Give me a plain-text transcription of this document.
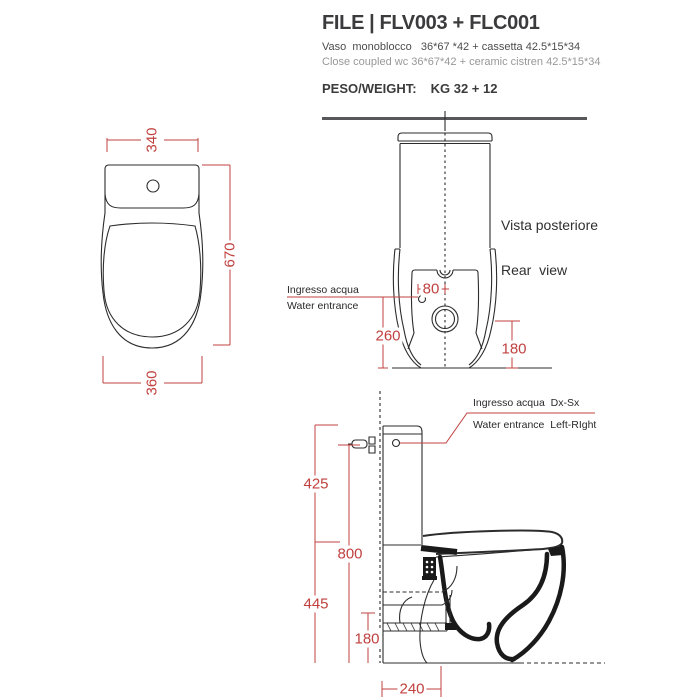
FILE | FLV003 + FLC001
Vaso  monoblocco   36*67 *42 + cassetta 42.5*15*34
Close coupled wc 36*67*42 + ceramic cistren 42.5*15*34
PESO/WEIGHT: KG 32 + 12

Vista posteriore

Rear  view

Ingresso acqua
Water entrance
Ingresso acqua  Dx-Sx
Water entrance  Left-RIght
340
670
360
80
260
180
425
800
445
180
240
